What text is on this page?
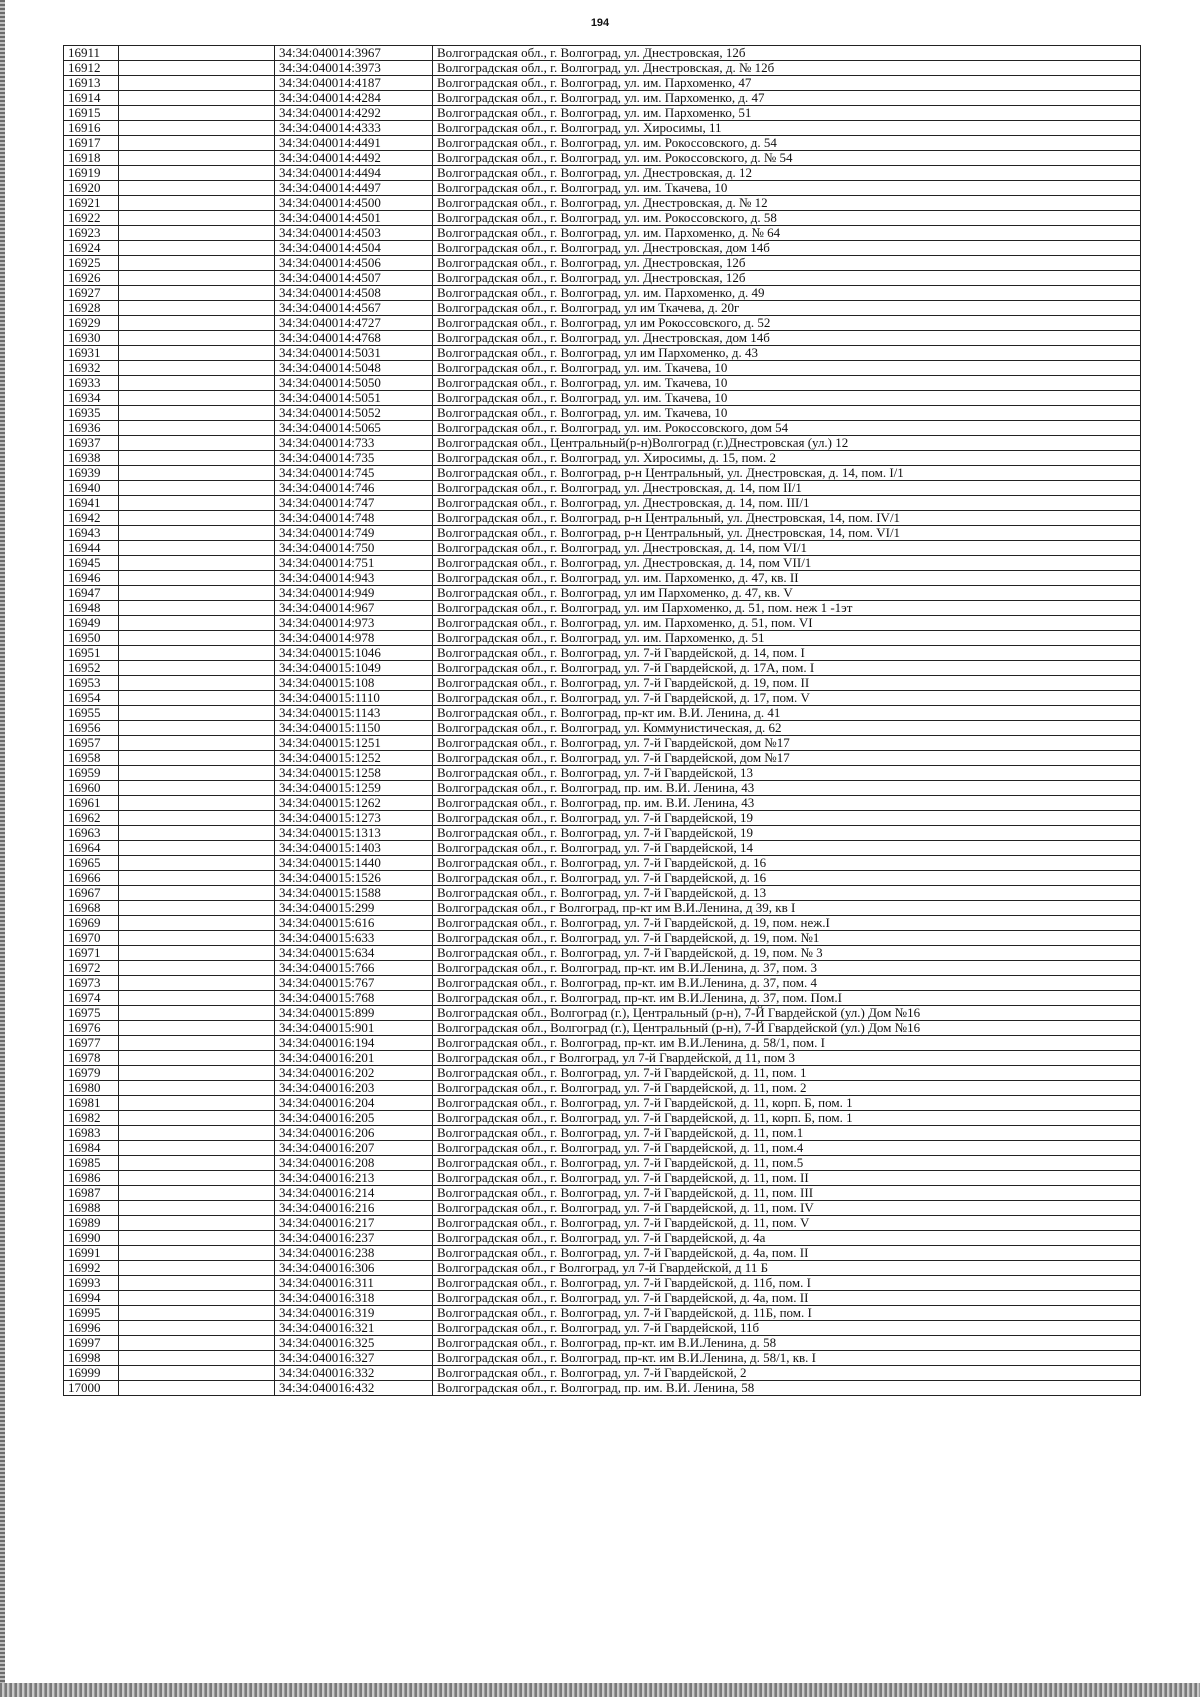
194
16911		34:34:040014:3967	Волгоградская обл., г. Волгоград, ул. Днестровская, 12б
16912		34:34:040014:3973	Волгоградская обл., г. Волгоград, ул. Днестровская, д. № 12б
16913		34:34:040014:4187	Волгоградская обл., г. Волгоград, ул. им. Пархоменко, 47
16914		34:34:040014:4284	Волгоградская обл., г. Волгоград, ул. им. Пархоменко, д. 47
16915		34:34:040014:4292	Волгоградская обл., г. Волгоград, ул. им. Пархоменко, 51
16916		34:34:040014:4333	Волгоградская обл., г. Волгоград, ул. Хиросимы, 11
16917		34:34:040014:4491	Волгоградская обл., г. Волгоград, ул. им. Рокоссовского, д. 54
16918		34:34:040014:4492	Волгоградская обл., г. Волгоград, ул. им. Рокоссовского, д. № 54
16919		34:34:040014:4494	Волгоградская обл., г. Волгоград, ул. Днестровская, д. 12
16920		34:34:040014:4497	Волгоградская обл., г. Волгоград, ул. им. Ткачева, 10
16921		34:34:040014:4500	Волгоградская обл., г. Волгоград, ул. Днестровская, д. № 12
16922		34:34:040014:4501	Волгоградская обл., г. Волгоград, ул. им. Рокоссовского, д. 58
16923		34:34:040014:4503	Волгоградская обл., г. Волгоград, ул. им. Пархоменко, д. № 64
16924		34:34:040014:4504	Волгоградская обл., г. Волгоград, ул. Днестровская, дом 14б
16925		34:34:040014:4506	Волгоградская обл., г. Волгоград, ул. Днестровская, 12б
16926		34:34:040014:4507	Волгоградская обл., г. Волгоград, ул. Днестровская, 12б
16927		34:34:040014:4508	Волгоградская обл., г. Волгоград, ул. им. Пархоменко, д. 49
16928		34:34:040014:4567	Волгоградская обл., г. Волгоград, ул им Ткачева, д. 20г
16929		34:34:040014:4727	Волгоградская обл., г. Волгоград, ул им Рокоссовского, д. 52
16930		34:34:040014:4768	Волгоградская обл., г. Волгоград, ул. Днестровская, дом 14б
16931		34:34:040014:5031	Волгоградская обл., г. Волгоград, ул им Пархоменко, д. 43
16932		34:34:040014:5048	Волгоградская обл., г. Волгоград, ул. им. Ткачева, 10
16933		34:34:040014:5050	Волгоградская обл., г. Волгоград, ул. им. Ткачева, 10
16934		34:34:040014:5051	Волгоградская обл., г. Волгоград, ул. им. Ткачева, 10
16935		34:34:040014:5052	Волгоградская обл., г. Волгоград, ул. им. Ткачева, 10
16936		34:34:040014:5065	Волгоградская обл., г. Волгоград, ул. им. Рокоссовского, дом 54
16937		34:34:040014:733	Волгоградская обл., Центральный(р-н)Волгоград (г.)Днестровская (ул.) 12
16938		34:34:040014:735	Волгоградская обл., г. Волгоград, ул. Хиросимы, д. 15, пом. 2
16939		34:34:040014:745	Волгоградская обл., г. Волгоград, р-н Центральный, ул. Днестровская, д. 14, пом. I/1
16940		34:34:040014:746	Волгоградская обл., г. Волгоград, ул. Днестровская, д. 14, пом II/1
16941		34:34:040014:747	Волгоградская обл., г. Волгоград, ул. Днестровская, д. 14, пом. III/1
16942		34:34:040014:748	Волгоградская обл., г. Волгоград, р-н Центральный, ул. Днестровская, 14, пом. IV/1
16943		34:34:040014:749	Волгоградская обл., г. Волгоград, р-н Центральный, ул. Днестровская, 14, пом. VI/1
16944		34:34:040014:750	Волгоградская обл., г. Волгоград, ул. Днестровская, д. 14, пом VI/1
16945		34:34:040014:751	Волгоградская обл., г. Волгоград, ул. Днестровская, д. 14, пом VII/1
16946		34:34:040014:943	Волгоградская обл., г. Волгоград, ул. им. Пархоменко, д. 47, кв. II
16947		34:34:040014:949	Волгоградская обл., г. Волгоград, ул им Пархоменко, д. 47, кв. V
16948		34:34:040014:967	Волгоградская обл., г. Волгоград, ул. им Пархоменко, д. 51, пом. неж 1 -1эт
16949		34:34:040014:973	Волгоградская обл., г. Волгоград, ул. им. Пархоменко, д. 51, пом. VI
16950		34:34:040014:978	Волгоградская обл., г. Волгоград, ул. им. Пархоменко, д. 51
16951		34:34:040015:1046	Волгоградская обл., г. Волгоград, ул. 7-й Гвардейской, д. 14, пом. I
16952		34:34:040015:1049	Волгоградская обл., г. Волгоград, ул. 7-й Гвардейской, д. 17А, пом. I
16953		34:34:040015:108	Волгоградская обл., г. Волгоград, ул. 7-й Гвардейской, д. 19, пом. II
16954		34:34:040015:1110	Волгоградская обл., г. Волгоград, ул. 7-й Гвардейской, д. 17, пом. V
16955		34:34:040015:1143	Волгоградская обл., г. Волгоград, пр-кт им. В.И. Ленина, д. 41
16956		34:34:040015:1150	Волгоградская обл., г. Волгоград, ул. Коммунистическая, д. 62
16957		34:34:040015:1251	Волгоградская обл., г. Волгоград, ул. 7-й Гвардейской, дом №17
16958		34:34:040015:1252	Волгоградская обл., г. Волгоград, ул. 7-й Гвардейской, дом №17
16959		34:34:040015:1258	Волгоградская обл., г. Волгоград, ул. 7-й Гвардейской, 13
16960		34:34:040015:1259	Волгоградская обл., г. Волгоград, пр. им. В.И. Ленина, 43
16961		34:34:040015:1262	Волгоградская обл., г. Волгоград, пр. им. В.И. Ленина, 43
16962		34:34:040015:1273	Волгоградская обл., г. Волгоград, ул. 7-й Гвардейской, 19
16963		34:34:040015:1313	Волгоградская обл., г. Волгоград, ул. 7-й Гвардейской, 19
16964		34:34:040015:1403	Волгоградская обл., г. Волгоград, ул. 7-й Гвардейской, 14
16965		34:34:040015:1440	Волгоградская обл., г. Волгоград, ул. 7-й Гвардейской, д. 16
16966		34:34:040015:1526	Волгоградская обл., г. Волгоград, ул. 7-й Гвардейской, д. 16
16967		34:34:040015:1588	Волгоградская обл., г. Волгоград, ул. 7-й Гвардейской, д. 13
16968		34:34:040015:299	Волгоградская обл., г Волгоград, пр-кт им В.И.Ленина, д 39, кв I
16969		34:34:040015:616	Волгоградская обл., г. Волгоград, ул. 7-й Гвардейской, д. 19, пом. неж.I
16970		34:34:040015:633	Волгоградская обл., г. Волгоград, ул. 7-й Гвардейской, д. 19, пом. №1
16971		34:34:040015:634	Волгоградская обл., г. Волгоград, ул. 7-й Гвардейской, д. 19, пом. № 3
16972		34:34:040015:766	Волгоградская обл., г. Волгоград, пр-кт. им В.И.Ленина, д. 37, пом. 3
16973		34:34:040015:767	Волгоградская обл., г. Волгоград, пр-кт. им В.И.Ленина, д. 37, пом. 4
16974		34:34:040015:768	Волгоградская обл., г. Волгоград, пр-кт. им В.И.Ленина, д. 37, пом. Пом.I
16975		34:34:040015:899	Волгоградская обл., Волгоград (г.), Центральный (р-н), 7-Й Гвардейской (ул.) Дом №16
16976		34:34:040015:901	Волгоградская обл., Волгоград (г.), Центральный (р-н), 7-Й Гвардейской (ул.) Дом №16
16977		34:34:040016:194	Волгоградская обл., г. Волгоград, пр-кт. им В.И.Ленина, д. 58/1, пом. I
16978		34:34:040016:201	Волгоградская обл., г Волгоград, ул 7-й Гвардейской, д 11, пом 3
16979		34:34:040016:202	Волгоградская обл., г. Волгоград, ул. 7-й Гвардейской, д. 11, пом. 1
16980		34:34:040016:203	Волгоградская обл., г. Волгоград, ул. 7-й Гвардейской, д. 11, пом. 2
16981		34:34:040016:204	Волгоградская обл., г. Волгоград, ул. 7-й Гвардейской, д. 11, корп. Б, пом. 1
16982		34:34:040016:205	Волгоградская обл., г. Волгоград, ул. 7-й Гвардейской, д. 11, корп. Б, пом. 1
16983		34:34:040016:206	Волгоградская обл., г. Волгоград, ул. 7-й Гвардейской, д. 11, пом.1
16984		34:34:040016:207	Волгоградская обл., г. Волгоград, ул. 7-й Гвардейской, д. 11, пом.4
16985		34:34:040016:208	Волгоградская обл., г. Волгоград, ул. 7-й Гвардейской, д. 11, пом.5
16986		34:34:040016:213	Волгоградская обл., г. Волгоград, ул. 7-й Гвардейской, д. 11, пом. II
16987		34:34:040016:214	Волгоградская обл., г. Волгоград, ул. 7-й Гвардейской, д. 11, пом. III
16988		34:34:040016:216	Волгоградская обл., г. Волгоград, ул. 7-й Гвардейской, д. 11, пом. IV
16989		34:34:040016:217	Волгоградская обл., г. Волгоград, ул. 7-й Гвардейской, д. 11, пом. V
16990		34:34:040016:237	Волгоградская обл., г. Волгоград, ул. 7-й Гвардейской, д. 4а
16991		34:34:040016:238	Волгоградская обл., г. Волгоград, ул. 7-й Гвардейской, д. 4а, пом. II
16992		34:34:040016:306	Волгоградская обл., г Волгоград, ул 7-й Гвардейской, д 11 Б
16993		34:34:040016:311	Волгоградская обл., г. Волгоград, ул. 7-й Гвардейской, д. 11б, пом. I
16994		34:34:040016:318	Волгоградская обл., г. Волгоград, ул. 7-й Гвардейской, д. 4а, пом. II
16995		34:34:040016:319	Волгоградская обл., г. Волгоград, ул. 7-й Гвардейской, д. 11Б, пом. I
16996		34:34:040016:321	Волгоградская обл., г. Волгоград, ул. 7-й Гвардейской, 11б
16997		34:34:040016:325	Волгоградская обл., г. Волгоград, пр-кт. им В.И.Ленина, д. 58
16998		34:34:040016:327	Волгоградская обл., г. Волгоград, пр-кт. им В.И.Ленина, д. 58/1, кв. I
16999		34:34:040016:332	Волгоградская обл., г. Волгоград, ул. 7-й Гвардейской, 2
17000		34:34:040016:432	Волгоградская обл., г. Волгоград, пр. им. В.И. Ленина, 58
